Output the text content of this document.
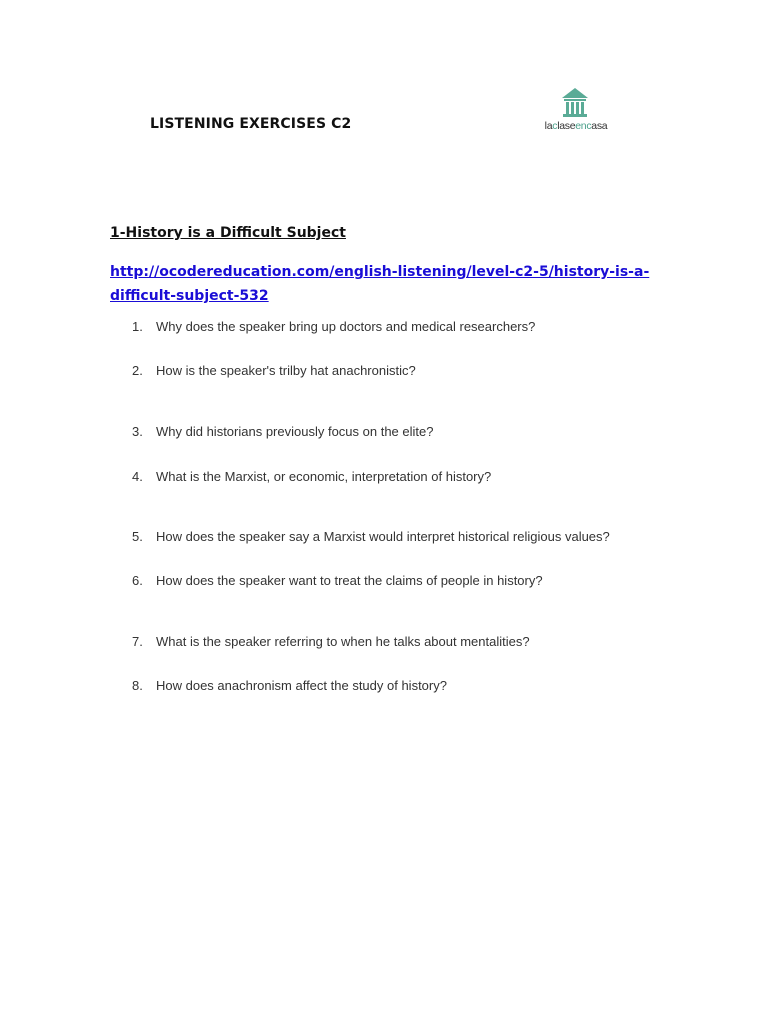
LISTENING EXERCISES C2	laclaseencasa
1-History is a Difficult Subject
http://ocodereducation.com/english-listening/level-c2-5/history-is-a-difficult-subject-532
1. Why does the speaker bring up doctors and medical researchers?
2. How is the speaker's trilby hat anachronistic?
3. Why did historians previously focus on the elite?
4. What is the Marxist, or economic, interpretation of history?
5. How does the speaker say a Marxist would interpret historical religious values?
6. How does the speaker want to treat the claims of people in history?
7. What is the speaker referring to when he talks about mentalities?
8. How does anachronism affect the study of history?
